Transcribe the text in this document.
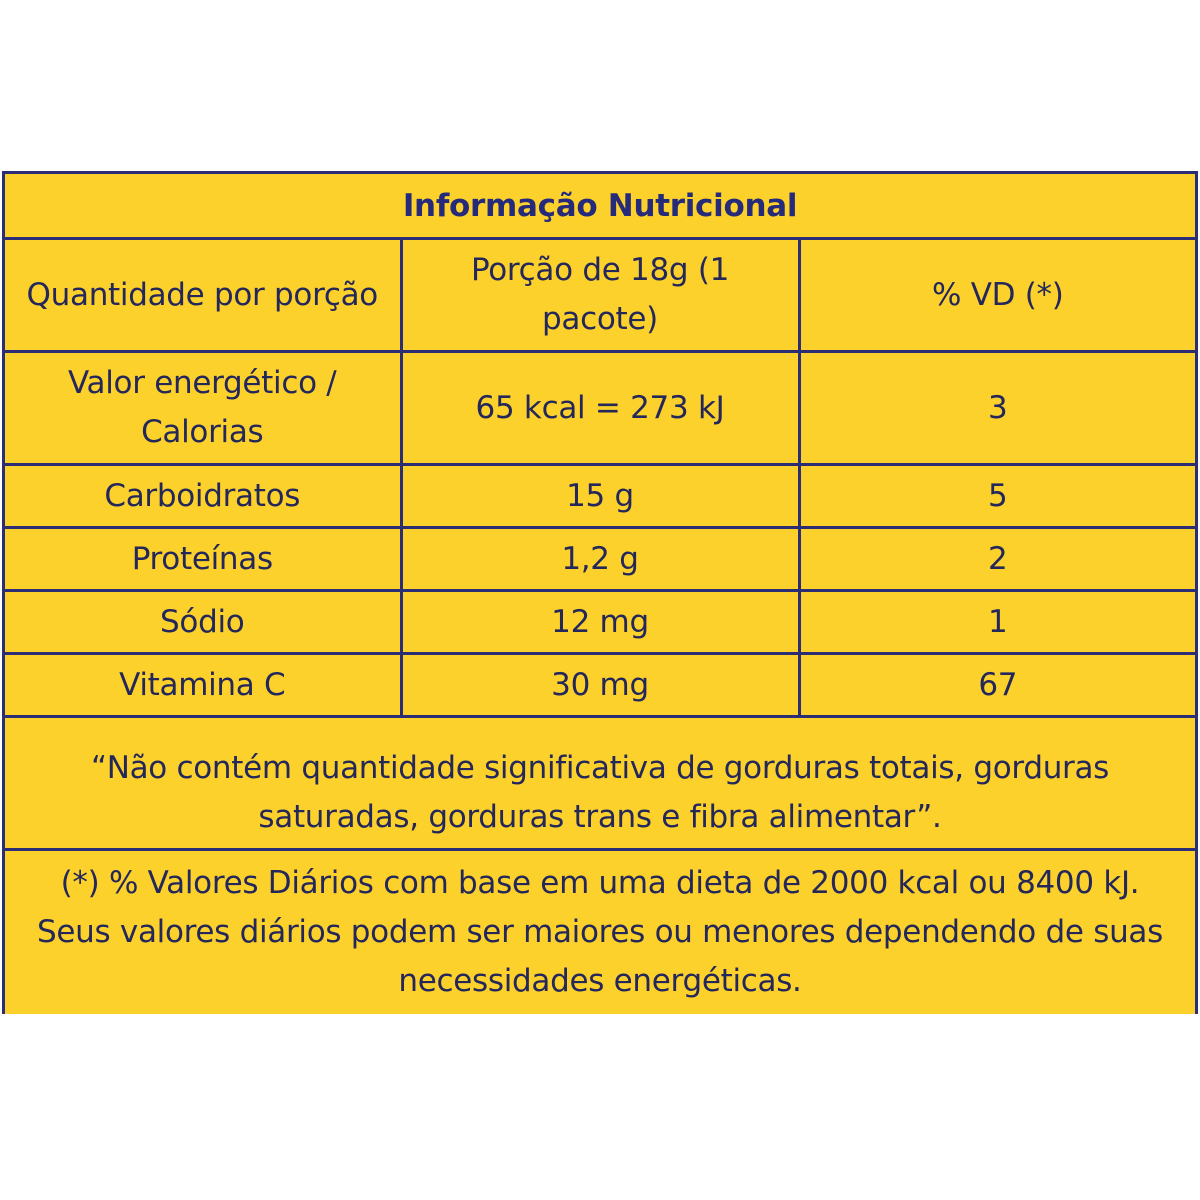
Informação Nutricional
Quantidade por porção	Porção de 18g (1 pacote)	% VD (*)
Valor energético / Calorias	65 kcal = 273 kJ	3
Carboidratos	15 g	5
Proteínas	1,2 g	2
Sódio	12 mg	1
Vitamina C	30 mg	67
“Não contém quantidade significativa de gorduras totais, gorduras saturadas, gorduras trans e fibra alimentar”.
(*) % Valores Diários com base em uma dieta de 2000 kcal ou 8400 kJ. Seus valores diários podem ser maiores ou menores dependendo de suas necessidades energéticas.
